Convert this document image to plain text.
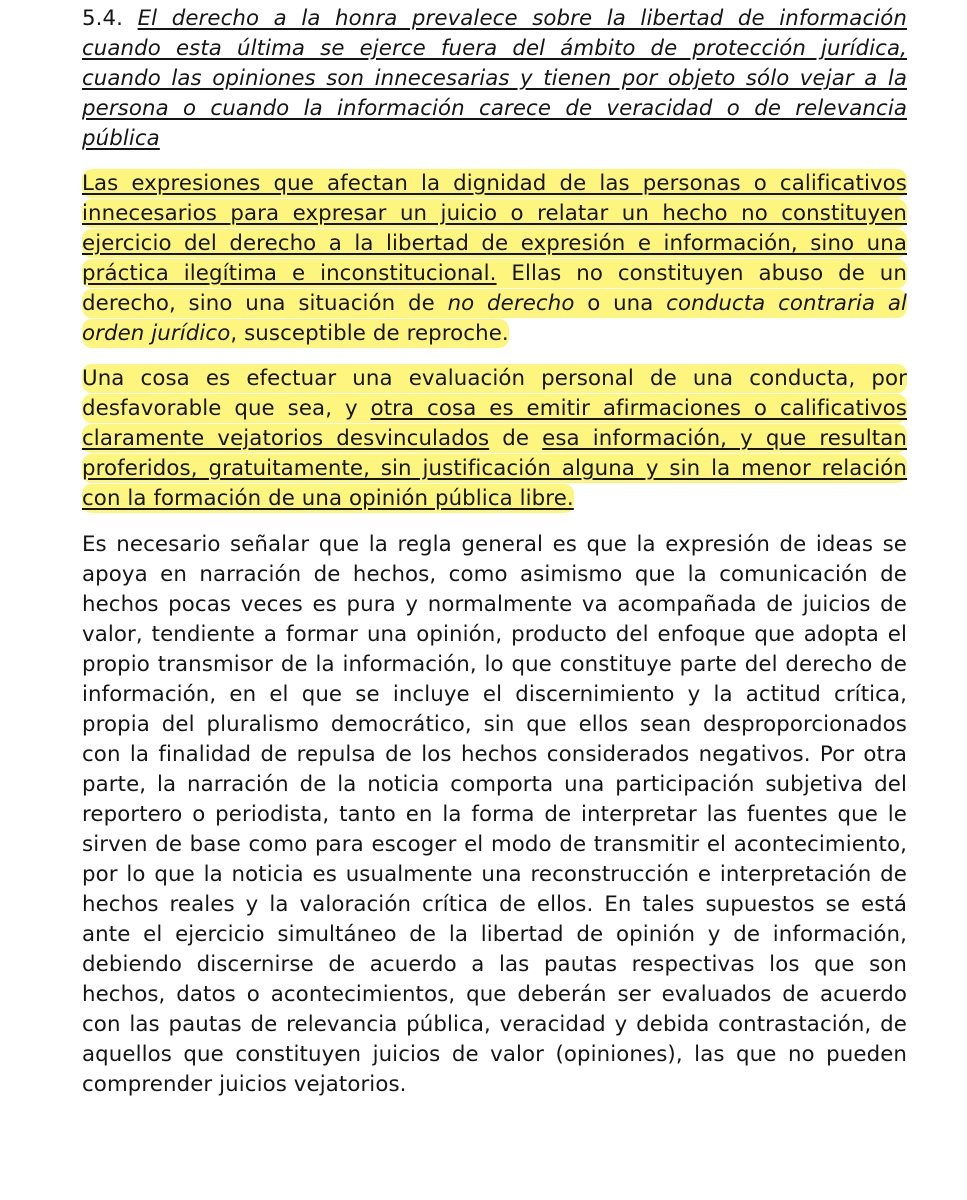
5.4. El derecho a la honra prevalece sobre la libertad de información cuando esta última se ejerce fuera del ámbito de protección jurídica, cuando las opiniones son innecesarias y tienen por objeto sólo vejar a la persona o cuando la información carece de veracidad o de relevancia pública

Las expresiones que afectan la dignidad de las personas o calificativos innecesarios para expresar un juicio o relatar un hecho no constituyen ejercicio del derecho a la libertad de expresión e información, sino una práctica ilegítima e inconstitucional. Ellas no constituyen abuso de un derecho, sino una situación de no derecho o una conducta contraria al orden jurídico, susceptible de reproche.

Una cosa es efectuar una evaluación personal de una conducta, por desfavorable que sea, y otra cosa es emitir afirmaciones o calificativos claramente vejatorios desvinculados de esa información, y que resultan proferidos, gratuitamente, sin justificación alguna y sin la menor relación con la formación de una opinión pública libre.

Es necesario señalar que la regla general es que la expresión de ideas se apoya en narración de hechos, como asimismo que la comunicación de hechos pocas veces es pura y normalmente va acompañada de juicios de valor, tendiente a formar una opinión, producto del enfoque que adopta el propio transmisor de la información, lo que constituye parte del derecho de información, en el que se incluye el discernimiento y la actitud crítica, propia del pluralismo democrático, sin que ellos sean desproporcionados con la finalidad de repulsa de los hechos considerados negativos. Por otra parte, la narración de la noticia comporta una participación subjetiva del reportero o periodista, tanto en la forma de interpretar las fuentes que le sirven de base como para escoger el modo de transmitir el acontecimiento, por lo que la noticia es usualmente una reconstrucción e interpretación de hechos reales y la valoración crítica de ellos. En tales supuestos se está ante el ejercicio simultáneo de la libertad de opinión y de información, debiendo discernirse de acuerdo a las pautas respectivas los que son hechos, datos o acontecimientos, que deberán ser evaluados de acuerdo con las pautas de relevancia pública, veracidad y debida contrastación, de aquellos que constituyen juicios de valor (opiniones), las que no pueden comprender juicios vejatorios.
